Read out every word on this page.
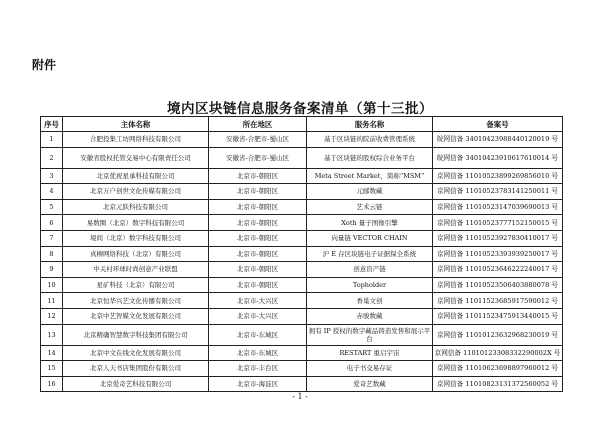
附件
境内区块链信息服务备案清单（第十三批）
序号	主体名称	所在地区	服务名称	备案号
1	合肥投集工坊网络科技有限公司	安徽省-合肥市-蜀山区	基于区块链的院前收费管理系统	皖网信备 34010423988440120019 号
2	安徽省股权托管交易中心有限责任公司	安徽省-合肥市-蜀山区	基于区块链的股权综合业务平台	皖网信备 34010423910617610014 号
3	北京优祝星承科技有限公司	北京市-朝阳区	Meta Street Market，简称“MSM”	京网信备 11010523899269856010 号
4	北京万户创世文化传媒有限公司	北京市-朝阳区	元邮数藏	京网信备 11010523783141250011 号
5	北京元跃科技有限公司	北京市-朝阳区	艺术云链	京网信备 11010523147039690013 号
6	易数圈（北京）数字科技有限公司	北京市-朝阳区	Xoth 量子图像引擎	京网信备 11010523777152150015 号
7	境间（北京）数字科技有限公司	北京市-朝阳区	向量链 VECTOR CHAIN	京网信备 11010523927830410017 号
8	真柳网络科技（北京）有限公司	北京市-朝阳区	沪 E 存区块链电子证据保全系统	京网信备 11010523393939250017 号
9	中关村环球时尚创意产业联盟	北京市-朝阳区	创意资产链	京网信备 11010523646222240017 号
10	星矿科技（北京）有限公司	北京市-朝阳区	Topholder	京网信备 11010523506403880078 号
11	北京恒华兴艺文化传播有限公司	北京市-大兴区	香巢文创	京网信备 11011523685917590012 号
12	北京中艺智媒文化发展有限公司	北京市-大兴区	赤骏数藏	京网信备 11011523475913440015 号
13	北京精确智慧数字科技集团有限公司	北京市-东城区	拥有 IP 授权的数字藏品铸造发售和展示平台	京网信备 11010123632968230019 号
14	北京中文在线文化发展有限公司	北京市-东城区	RESTART 重启宇宙	京网信备 11010123308332290002X 号
15	北京人天书店集团股份有限公司	北京市-丰台区	电子书交易存证	京网信备 11010623698897960012 号
16	北京爱奇艺科技有限公司	北京市-海淀区	爱奇艺数藏	京网信备 11010823131372560052 号
- 1 -
